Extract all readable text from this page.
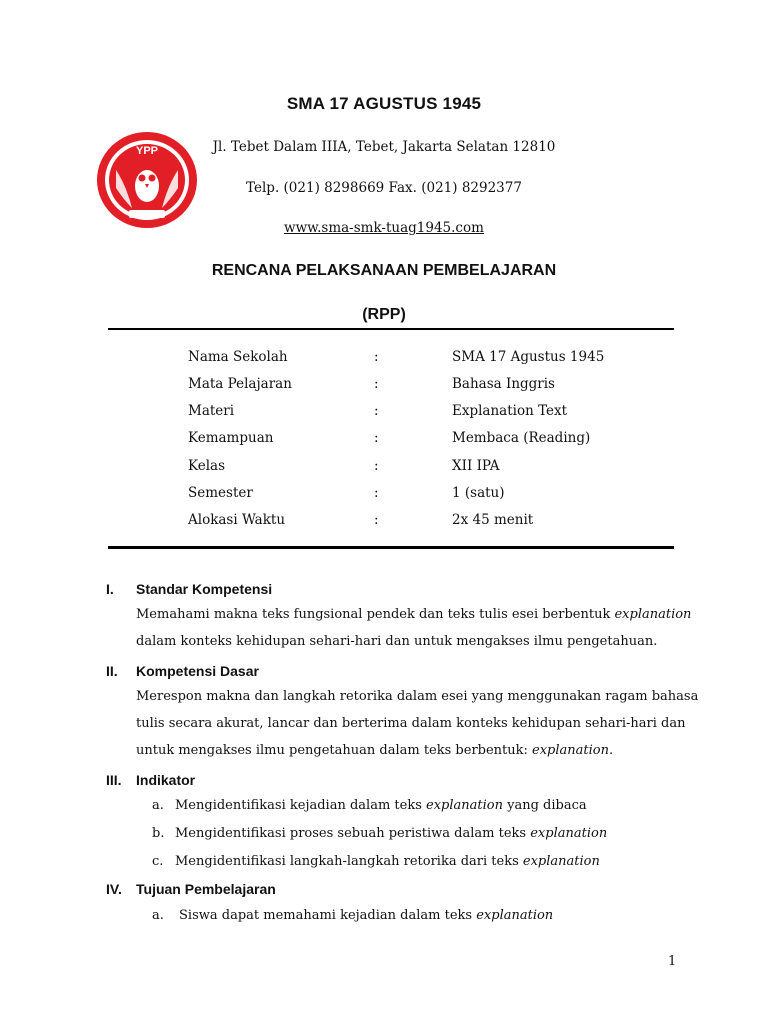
YPP
SMA 17 AGUSTUS 1945
Jl. Tebet Dalam IIIA, Tebet, Jakarta Selatan 12810
Telp. (021) 8298669 Fax. (021) 8292377
www.sma-smk-tuag1945.com
RENCANA PELAKSANAAN PEMBELAJARAN
(RPP)
Nama Sekolah	:	SMA 17 Agustus 1945
Mata Pelajaran	:	Bahasa Inggris
Materi	:	Explanation Text
Kemampuan	:	Membaca (Reading)
Kelas	:	XII IPA
Semester	:	1 (satu)
Alokasi Waktu	:	2x 45 menit
I. Standar Kompetensi
Memahami makna teks fungsional pendek dan teks tulis esei berbentuk explanation
dalam konteks kehidupan sehari-hari dan untuk mengakses ilmu pengetahuan.
II. Kompetensi Dasar
Merespon makna dan langkah retorika dalam esei yang menggunakan ragam bahasa
tulis secara akurat, lancar dan berterima dalam konteks kehidupan sehari-hari dan
untuk mengakses ilmu pengetahuan dalam teks berbentuk: explanation.
III. Indikator
a. Mengidentifikasi kejadian dalam teks explanation yang dibaca
b. Mengidentifikasi proses sebuah peristiwa dalam teks explanation
c. Mengidentifikasi langkah-langkah retorika dari teks explanation
IV. Tujuan Pembelajaran
a. Siswa dapat memahami kejadian dalam teks explanation
1
